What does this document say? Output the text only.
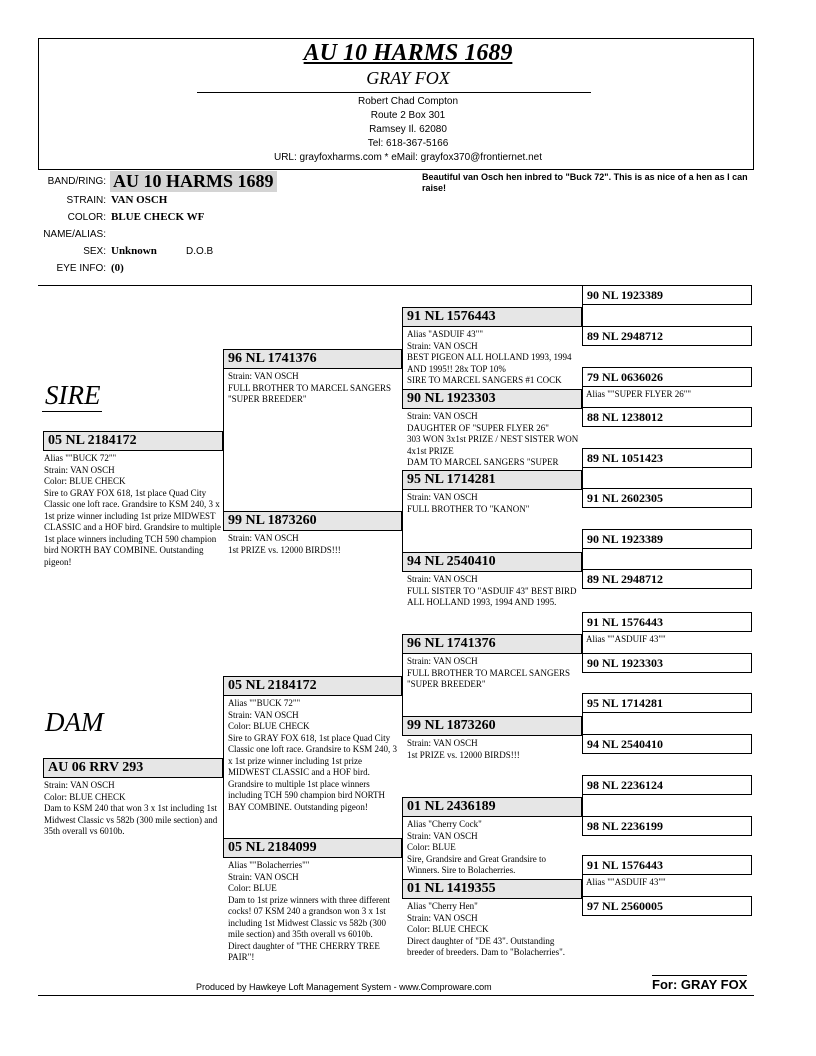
AU 10 HARMS 1689
GRAY FOX
Robert Chad Compton
Route 2 Box 301
Ramsey Il. 62080
Tel: 618-367-5166
URL: grayfoxharms.com * eMail: grayfox370@frontiernet.net
BAND/RING: AU 10 HARMS 1689
STRAIN: VAN OSCH
COLOR: BLUE CHECK WF
NAME/ALIAS:
SEX: Unknown	D.O.B
EYE INFO: (0)
Beautiful van Osch hen inbred to "Buck 72". This is as nice of a hen as I can raise!
SIRE
05 NL 2184172
Alias ""BUCK 72""
Strain: VAN OSCH
Color: BLUE CHECK
Sire to GRAY FOX 618, 1st place Quad City Classic one loft race. Grandsire to KSM 240, 3 x 1st prize winner including 1st prize MIDWEST CLASSIC and a HOF bird. Grandsire to multiple 1st place winners including TCH 590 champion bird NORTH BAY COMBINE. Outstanding pigeon!
96 NL 1741376
Strain: VAN OSCH
FULL BROTHER TO MARCEL SANGERS "SUPER BREEDER"
99 NL 1873260
Strain: VAN OSCH
1st PRIZE vs. 12000 BIRDS!!!
91 NL 1576443
Alias "ASDUIF 43""
Strain: VAN OSCH
BEST PIGEON ALL HOLLAND 1993, 1994 AND 1995!! 28x TOP 10%
SIRE TO MARCEL SANGERS #1 COCK
90 NL 1923303
Strain: VAN OSCH
DAUGHTER OF "SUPER FLYER 26"
303 WON 3x1st PRIZE / NEST SISTER WON 4x1st PRIZE
DAM TO MARCEL SANGERS "SUPER
95 NL 1714281
Strain: VAN OSCH
FULL BROTHER TO "KANON"
94 NL 2540410
Strain: VAN OSCH
FULL SISTER TO "ASDUIF 43" BEST BIRD ALL HOLLAND 1993, 1994 AND 1995.
90 NL 1923389
89 NL 2948712
79 NL 0636026
Alias ""SUPER FLYER 26""
88 NL 1238012
89 NL 1051423
91 NL 2602305
90 NL 1923389
89 NL 2948712
DAM
AU 06 RRV 293
Strain: VAN OSCH
Color: BLUE CHECK
Dam to KSM 240 that won 3 x 1st including 1st Midwest Classic vs 582b (300 mile section) and 35th overall vs 6010b.
05 NL 2184172
Alias ""BUCK 72""
Strain: VAN OSCH
Color: BLUE CHECK
Sire to GRAY FOX 618, 1st place Quad City Classic one loft race. Grandsire to KSM 240, 3 x 1st prize winner including 1st prize MIDWEST CLASSIC and a HOF bird. Grandsire to multiple 1st place winners including TCH 590 champion bird NORTH BAY COMBINE. Outstanding pigeon!
05 NL 2184099
Alias ""Bolacherries""
Strain: VAN OSCH
Color: BLUE
Dam to 1st prize winners with three different cocks! 07 KSM 240 a grandson won 3 x 1st including 1st Midwest Classic vs 582b (300 mile section) and 35th overall vs 6010b.
Direct daughter of "THE CHERRY TREE PAIR"!
96 NL 1741376
Strain: VAN OSCH
FULL BROTHER TO MARCEL SANGERS "SUPER BREEDER"
99 NL 1873260
Strain: VAN OSCH
1st PRIZE vs. 12000 BIRDS!!!
01 NL 2436189
Alias "Cherry Cock"
Strain: VAN OSCH
Color: BLUE
Sire, Grandsire and Great Grandsire to Winners. Sire to Bolacherries.
01 NL 1419355
Alias "Cherry Hen"
Strain: VAN OSCH
Color: BLUE CHECK
Direct daughter of "DE 43". Outstanding breeder of breeders. Dam to "Bolacherries".
91 NL 1576443
Alias ""ASDUIF 43""
90 NL 1923303
95 NL 1714281
94 NL 2540410
98 NL 2236124
98 NL 2236199
91 NL 1576443
Alias ""ASDUIF 43""
97 NL 2560005
Produced by Hawkeye Loft Management System - www.Comproware.com	For: GRAY FOX
